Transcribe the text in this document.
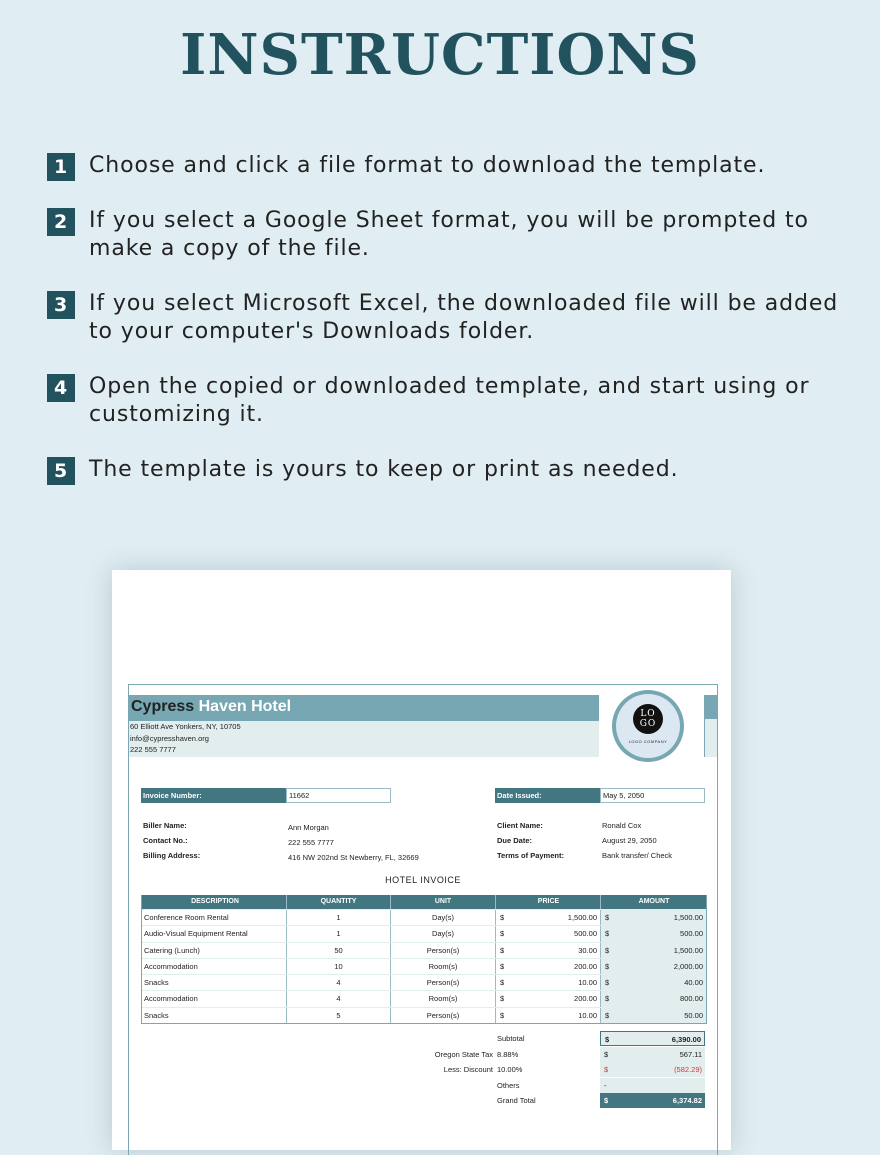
INSTRUCTIONS
1 Choose and click a file format to download the template.
2 If you select a Google Sheet format, you will be prompted to make a copy of the file.
3 If you select Microsoft Excel, the downloaded file will be added to your computer's Downloads folder.
4 Open the copied or downloaded template, and start using or customizing it.
5 The template is yours to keep or print as needed.
Cypress Haven Hotel
60 Elliott Ave Yonkers, NY, 10705
info@cypresshaven.org
222 555 7777
LO
GO
LOGO COMPANY
Invoice Number:	11662	Date Issued:	May 5, 2050
Biller Name:	Ann Morgan
Contact No.:	222 555 7777
Billing Address:	416 NW 202nd St Newberry, FL, 32669
Client Name:	Ronald Cox
Due Date:	August 29, 2050
Terms of Payment:	Bank transfer/ Check
HOTEL INVOICE
DESCRIPTION	QUANTITY	UNIT	PRICE	AMOUNT
Conference Room Rental	1	Day(s)	$	1,500.00 $	1,500.00
Audio-Visual Equipment Rental	1	Day(s)	$	500.00 $	500.00
Catering (Lunch)	50	Person(s)	$	30.00 $	1,500.00
Accommodation	10	Room(s)	$	200.00 $	2,000.00
Snacks	4	Person(s)	$	10.00 $	40.00
Accommodation	4	Room(s)	$	200.00 $	800.00
Snacks	5	Person(s)	$	10.00 $	50.00
Subtotal	$	6,390.00
Oregon State Tax 8.88%	$	567.11
Less: Discount 10.00%	$	(582.29)
Others	-
Grand Total	$	6,374.82
